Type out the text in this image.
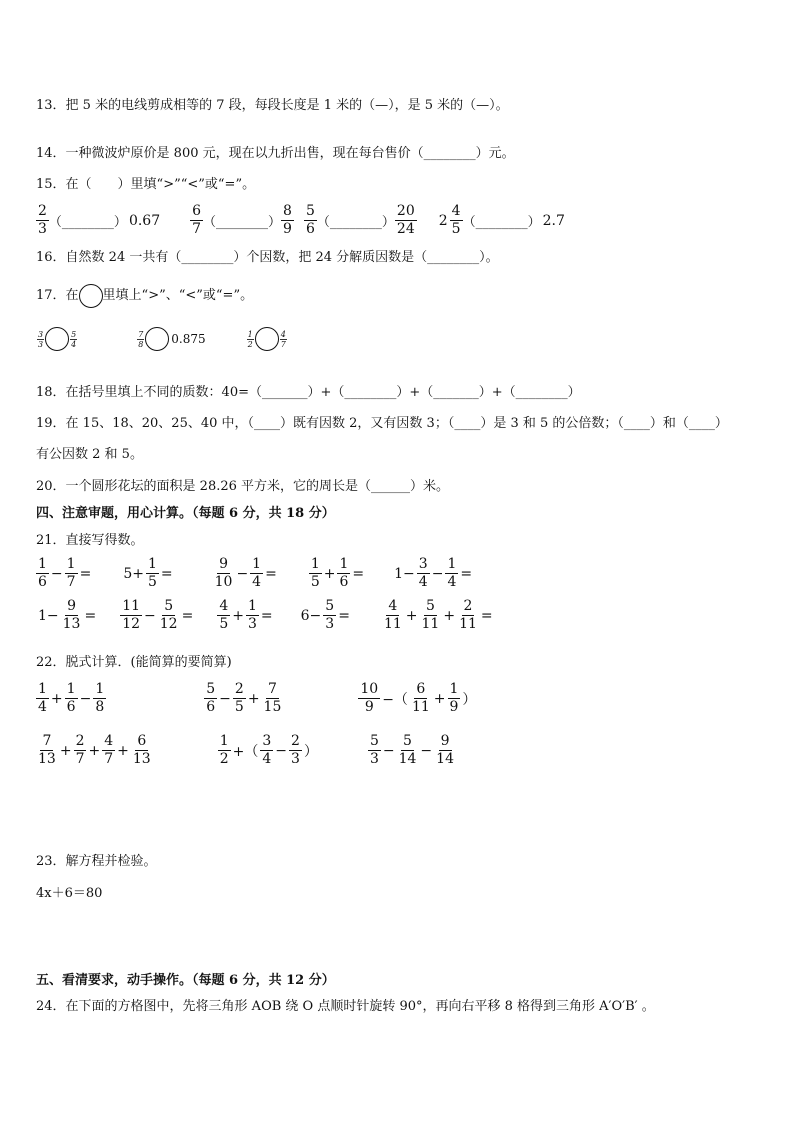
13．把 5 米的电线剪成相等的 7 段，每段长度是 1 米的（—），是 5 米的（—）。
14．一种微波炉原价是 800 元，现在以九折出售，现在每台售价（________）元。
15．在（　　）里填“>”“<”或“=”。
$\frac{2}{3}$ （________） $0.67 \frac{6}{7}$ （________） $\frac{8}{9} \frac{5}{6}$ （________） $\frac{20}{24} 2 \frac{4}{5}$ （________） 2.7
16．自然数 24 一共有（________）个因数，把 24 分解质因数是（________）。
17．在 里填上“>”、“<”或“=”。
$\frac{3}{3}$	$\frac{5}{4}$	$\frac{7}{8} 0.875$	$\frac{1}{2}$	$\frac{4}{7}$
18．在括号里填上不同的质数：40=（_______）+（________）+（_______）+（________）
19．在 15、18、20、25、40 中，（____）既有因数 2，又有因数 3；（____）是 3 和 5 的公倍数；（____）和（____）
有公因数 2 和 5。
20．一个圆形花坛的面积是 28.26 平方米，它的周长是（______）米。
四、注意审题，用心计算。（每题 6 分，共 18 分）
21．直接写得数。
$\frac{1}{6} - \frac{1}{7} = 5+ \frac{1}{5}$ =	$\frac{9}{10} - \frac{1}{4} = \frac{1}{5} + \frac{1}{6} = 1- \frac{3}{4} - \frac{1}{4}$ =
$1- \frac{9}{13} = \frac{11}{12} - \frac{5}{12} = \frac{4}{5} + \frac{1}{3} = 6- \frac{5}{3} = \frac{4}{11} + \frac{5}{11} + \frac{2}{11}$ =
22．脱式计算．(能简算的要简算)
$\frac{1}{4} + \frac{1}{6} - \frac{1}{8}$	$\frac{5}{6} - \frac{2}{5} + \frac{7}{15}$	$\frac{10}{9}$ −（ $\frac{6}{11} + \frac{1}{9}$ ）
$\frac{7}{13} + \frac{2}{7} + \frac{4}{7} + \frac{6}{13}$	$\frac{1}{2}$ +（ $\frac{3}{4} - \frac{2}{3}$ ）	$\frac{5}{3} - \frac{5}{14} - \frac{9}{14}$
23．解方程并检验。
4x＋6＝80
五、看清要求，动手操作。（每题 6 分，共 12 分）
24．在下面的方格图中，先将三角形 AOB 绕 O 点顺时针旋转 90°，再向右平移 8 格得到三角形 A′O′B′ 。
